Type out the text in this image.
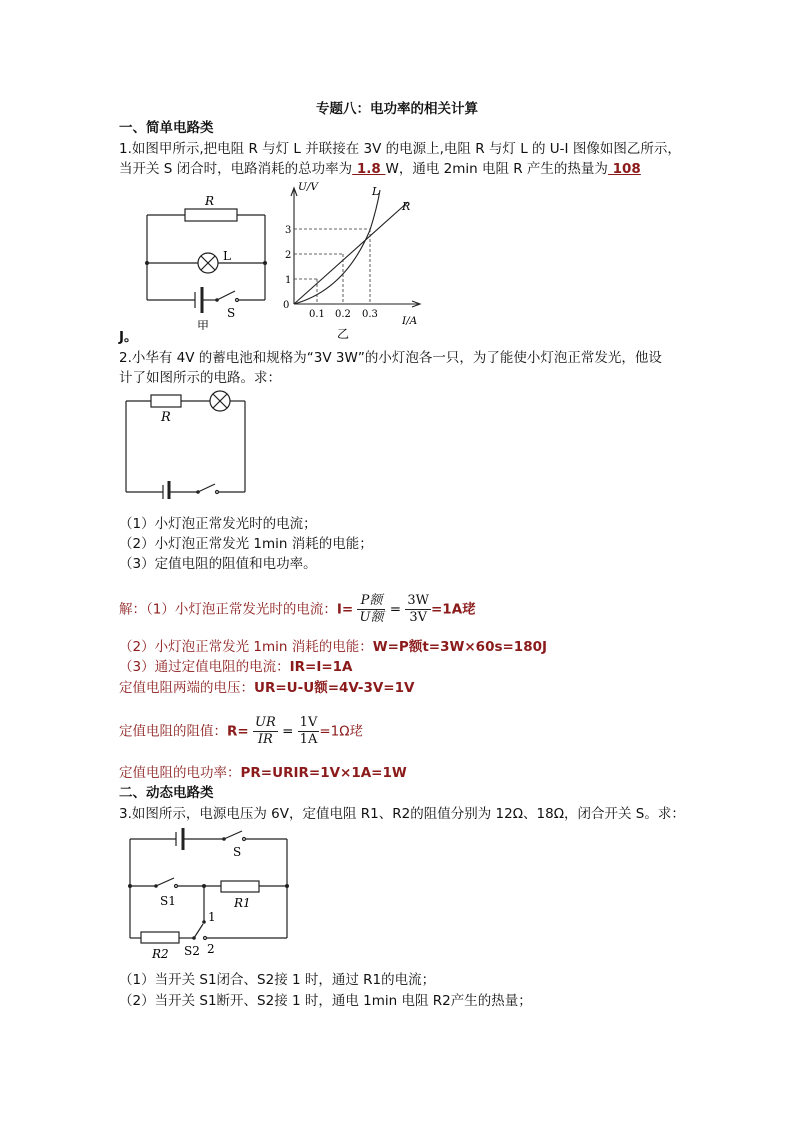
专题八：电功率的相关计算
一、简单电路类
1.如图甲所示,把电阻 R 与灯 L 并联接在 3V 的电源上,电阻 R 与灯 L 的 U-I 图像如图乙所示，
当开关 S 闭合时，电路消耗的总功率为 1.8 W，通电 2min 电阻 R 产生的热量为 108
R
L
S
甲
U/V
I/A
0
1
2
3
0.1 0.2 0.3
L
R
乙
J。
2.小华有 4V 的蓄电池和规格为“3V 3W”的小灯泡各一只，为了能使小灯泡正常发光，他设
计了如图所示的电路。求：
R
（1）小灯泡正常发光时的电流；
（2）小灯泡正常发光 1min 消耗的电能；
（3）定值电阻的阻值和电功率。
解：（1）小灯泡正常发光时的电流：$I= \frac{\text{P额}}{\text{U额}} = \frac{3W}{3V} =1A$珯
（2）小灯泡正常发光 1min 消耗的电能：W=P额t=3W×60s=180J
（3）通过定值电阻的电流：IR=I=1A
定值电阻两端的电压：UR=U-U额=4V-3V=1V
定值电阻的阻值：$R= \frac{UR}{IR} = \frac{1V}{1A} =1\Omega$珯
定值电阻的电功率：PR=URIR=1V×1A=1W
二、动态电路类
3.如图所示，电源电压为 6V，定值电阻 R1、R2的阻值分别为 12Ω、18Ω，闭合开关 S。求：
S
S1	R1
1
R2 S2 2
（1）当开关 S1闭合、S2接 1 时，通过 R1的电流；
（2）当开关 S1断开、S2接 1 时，通电 1min 电阻 R2产生的热量；
